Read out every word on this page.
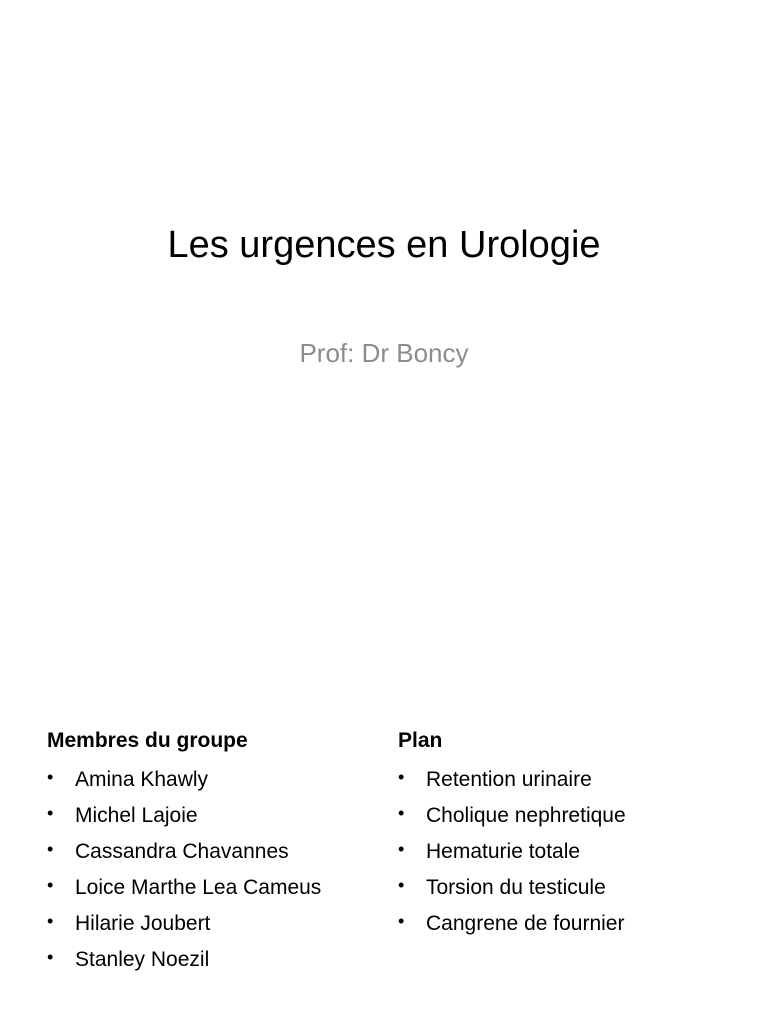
Les urgences en Urologie
Prof: Dr Boncy
Membres du groupe
• Amina Khawly
• Michel Lajoie
• Cassandra Chavannes
• Loice Marthe Lea Cameus
• Hilarie Joubert
• Stanley Noezil
Plan
• Retention urinaire
• Cholique nephretique
• Hematurie totale
• Torsion du testicule
• Cangrene de fournier
